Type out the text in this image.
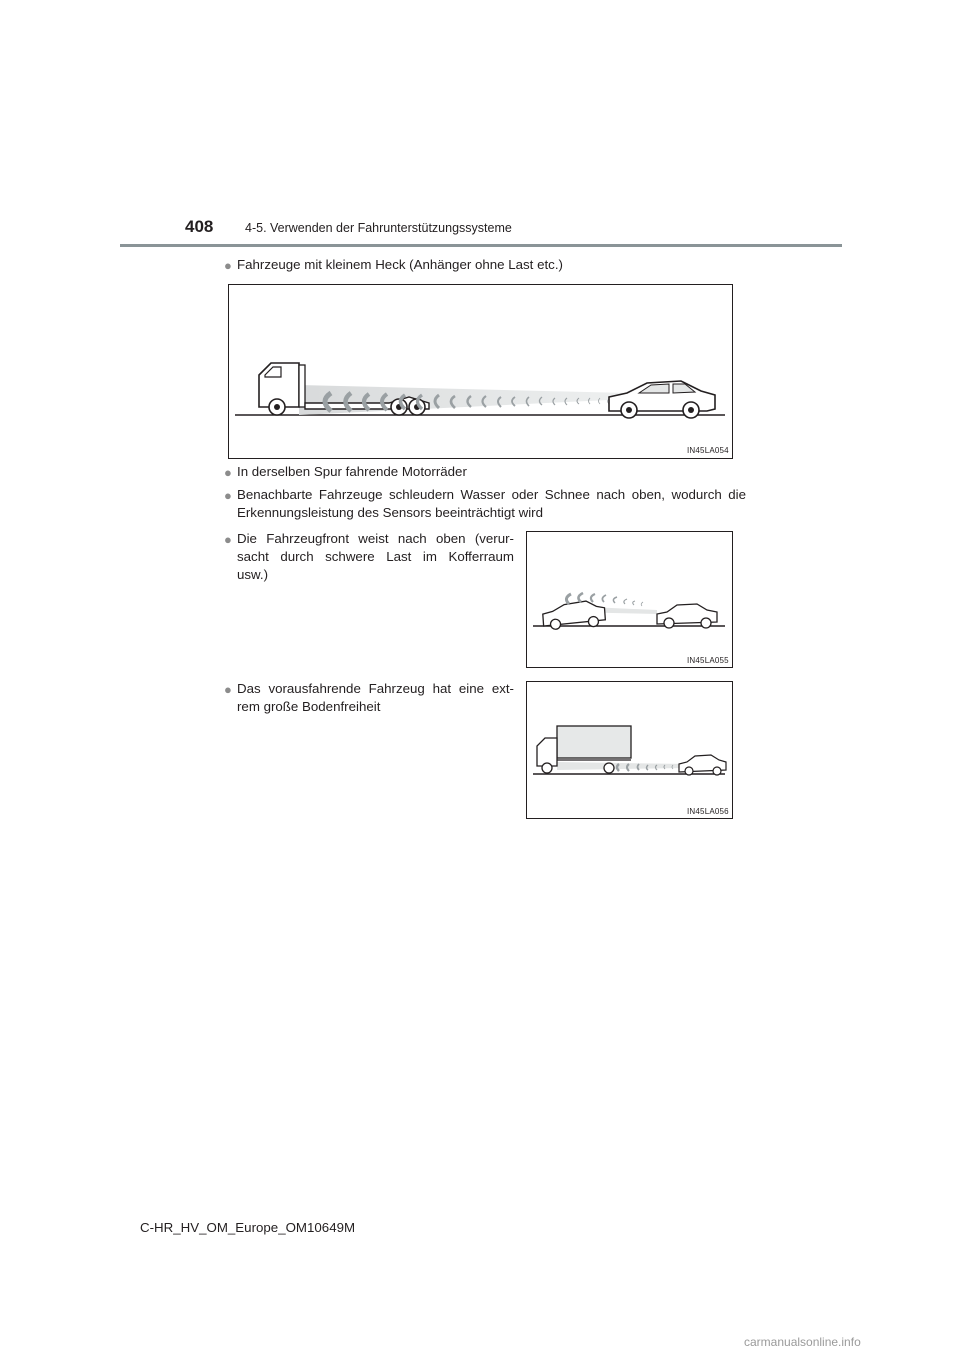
408	4-5. Verwenden der Fahrunterstützungssysteme
● Fahrzeuge mit kleinem Heck (Anhänger ohne Last etc.)
IN45LA054
● In derselben Spur fahrende Motorräder
● Benachbarte Fahrzeuge schleudern Wasser oder Schnee nach oben, wodurch die
Erkennungsleistung des Sensors beeinträchtigt wird
● Die Fahrzeugfront weist nach oben (verur-
sacht durch schwere Last im Kofferraum
usw.)
IN45LA055
● Das vorausfahrende Fahrzeug hat eine ext-
rem große Bodenfreiheit
IN45LA056
C-HR_HV_OM_Europe_OM10649M
carmanualsonline.info
